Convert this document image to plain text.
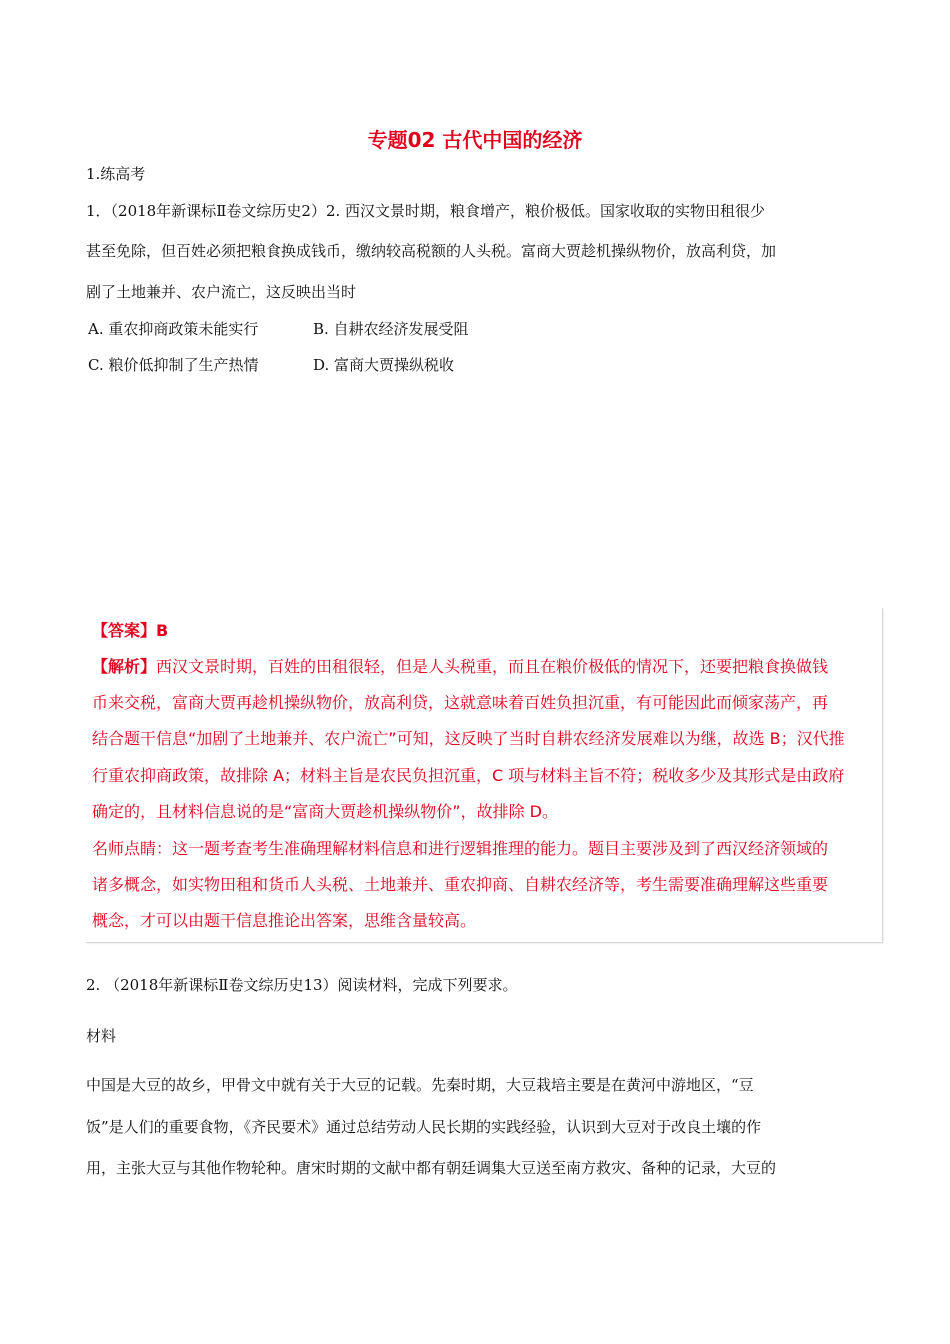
专题02 古代中国的经济
1.练高考
1．（2018年新课标Ⅱ卷文综历史2）2. 西汉文景时期，粮食增产，粮价极低。国家收取的实物田租很少
甚至免除，但百姓必须把粮食换成钱币，缴纳较高税额的人头税。富商大贾趁机操纵物价，放高利贷，加
剧了土地兼并、农户流亡，这反映出当时
A. 重农抑商政策未能实行	B. 自耕农经济发展受阻
C. 粮价低抑制了生产热情	D. 富商大贾操纵税收
【答案】B
【解析】西汉文景时期，百姓的田租很轻，但是人头税重，而且在粮价极低的情况下，还要把粮食换做钱
币来交税，富商大贾再趁机操纵物价，放高利贷，这就意味着百姓负担沉重，有可能因此而倾家荡产，再
结合题干信息“加剧了土地兼并、农户流亡”可知，这反映了当时自耕农经济发展难以为继，故选 B；汉代推
行重农抑商政策，故排除 A；材料主旨是农民负担沉重，C 项与材料主旨不符；税收多少及其形式是由政府
确定的，且材料信息说的是“富商大贾趁机操纵物价”，故排除 D。
名师点睛：这一题考查考生准确理解材料信息和进行逻辑推理的能力。题目主要涉及到了西汉经济领域的
诸多概念，如实物田租和货币人头税、土地兼并、重农抑商、自耕农经济等，考生需要准确理解这些重要
概念，才可以由题干信息推论出答案，思维含量较高。
2. （2018年新课标Ⅱ卷文综历史13）阅读材料，完成下列要求。
材料
中国是大豆的故乡，甲骨文中就有关于大豆的记载。先秦时期，大豆栽培主要是在黄河中游地区，“豆
饭”是人们的重要食物，《齐民要术》通过总结劳动人民长期的实践经验，认识到大豆对于改良土壤的作
用，主张大豆与其他作物轮种。唐宋时期的文献中都有朝廷调集大豆送至南方救灾、备种的记录，大豆的
